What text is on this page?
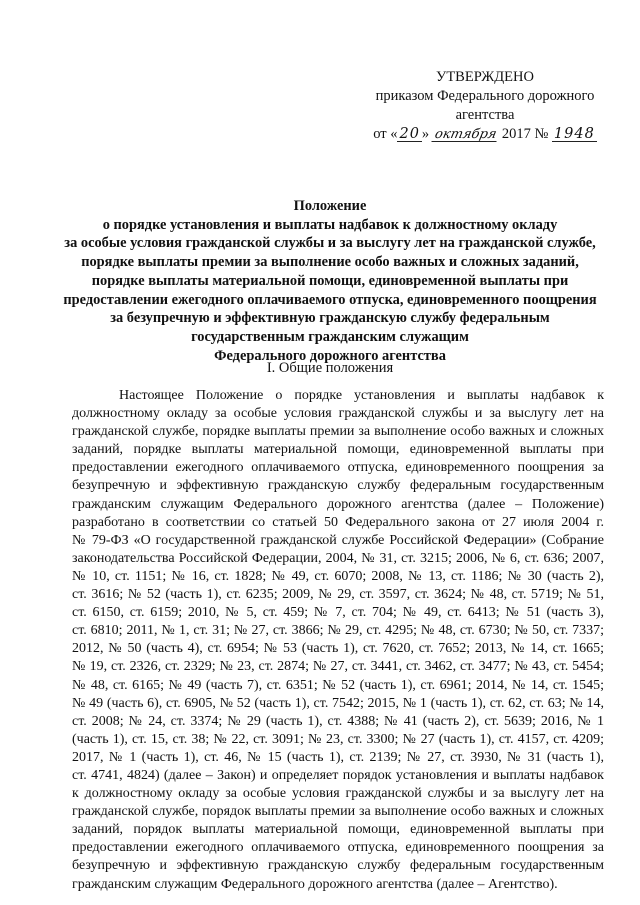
УТВЕРЖДЕНО
приказом Федерального дорожного
агентства
от « 20 » октября 2017 № 1948
Положение
о порядке установления и выплаты надбавок к должностному окладу
за особые условия гражданской службы и за выслугу лет на гражданской службе,
порядке выплаты премии за выполнение особо важных и сложных заданий,
порядке выплаты материальной помощи, единовременной выплаты при
предоставлении ежегодного оплачиваемого отпуска, единовременного поощрения
за безупречную и эффективную гражданскую службу федеральным
государственным гражданским служащим
Федерального дорожного агентства
I. Общие положения
Настоящее Положение о порядке установления и выплаты надбавок к
должностному окладу за особые условия гражданской службы и за выслугу лет на
гражданской службе, порядке выплаты премии за выполнение особо важных и сложных
заданий, порядке выплаты материальной помощи, единовременной выплаты при
предоставлении ежегодного оплачиваемого отпуска, единовременного поощрения за
безупречную и эффективную гражданскую службу федеральным государственным
гражданским служащим Федерального дорожного агентства (далее – Положение)
разработано в соответствии со статьей 50 Федерального закона от 27 июля 2004 г.
№ 79-ФЗ «О государственной гражданской службе Российской Федерации» (Собрание
законодательства Российской Федерации, 2004, № 31, ст. 3215; 2006, № 6, ст. 636; 2007,
№ 10, ст. 1151; № 16, ст. 1828; № 49, ст. 6070; 2008, № 13, ст. 1186; № 30 (часть 2),
ст. 3616; № 52 (часть 1), ст. 6235; 2009, № 29, ст. 3597, ст. 3624; № 48, ст. 5719; № 51,
ст. 6150, ст. 6159; 2010, № 5, ст. 459; № 7, ст. 704; № 49, ст. 6413; № 51 (часть 3),
ст. 6810; 2011, № 1, ст. 31; № 27, ст. 3866; № 29, ст. 4295; № 48, ст. 6730; № 50, ст. 7337;
2012, № 50 (часть 4), ст. 6954; № 53 (часть 1), ст. 7620, ст. 7652; 2013, № 14, ст. 1665;
№ 19, ст. 2326, ст. 2329; № 23, ст. 2874; № 27, ст. 3441, ст. 3462, ст. 3477; № 43, ст. 5454;
№ 48, ст. 6165; № 49 (часть 7), ст. 6351; № 52 (часть 1), ст. 6961; 2014, № 14, ст. 1545;
№ 49 (часть 6), ст. 6905, № 52 (часть 1), ст. 7542; 2015, № 1 (часть 1), ст. 62, ст. 63; № 14,
ст. 2008; № 24, ст. 3374; № 29 (часть 1), ст. 4388; № 41 (часть 2), ст. 5639; 2016, № 1
(часть 1), ст. 15, ст. 38; № 22, ст. 3091; № 23, ст. 3300; № 27 (часть 1), ст. 4157, ст. 4209;
2017, № 1 (часть 1), ст. 46, № 15 (часть 1), ст. 2139; № 27, ст. 3930, № 31 (часть 1),
ст. 4741, 4824) (далее – Закон) и определяет порядок установления и выплаты надбавок
к должностному окладу за особые условия гражданской службы и за выслугу лет на
гражданской службе, порядок выплаты премии за выполнение особо важных и сложных
заданий, порядок выплаты материальной помощи, единовременной выплаты при
предоставлении ежегодного оплачиваемого отпуска, единовременного поощрения за
безупречную и эффективную гражданскую службу федеральным государственным
гражданским служащим Федерального дорожного агентства (далее – Агентство).
